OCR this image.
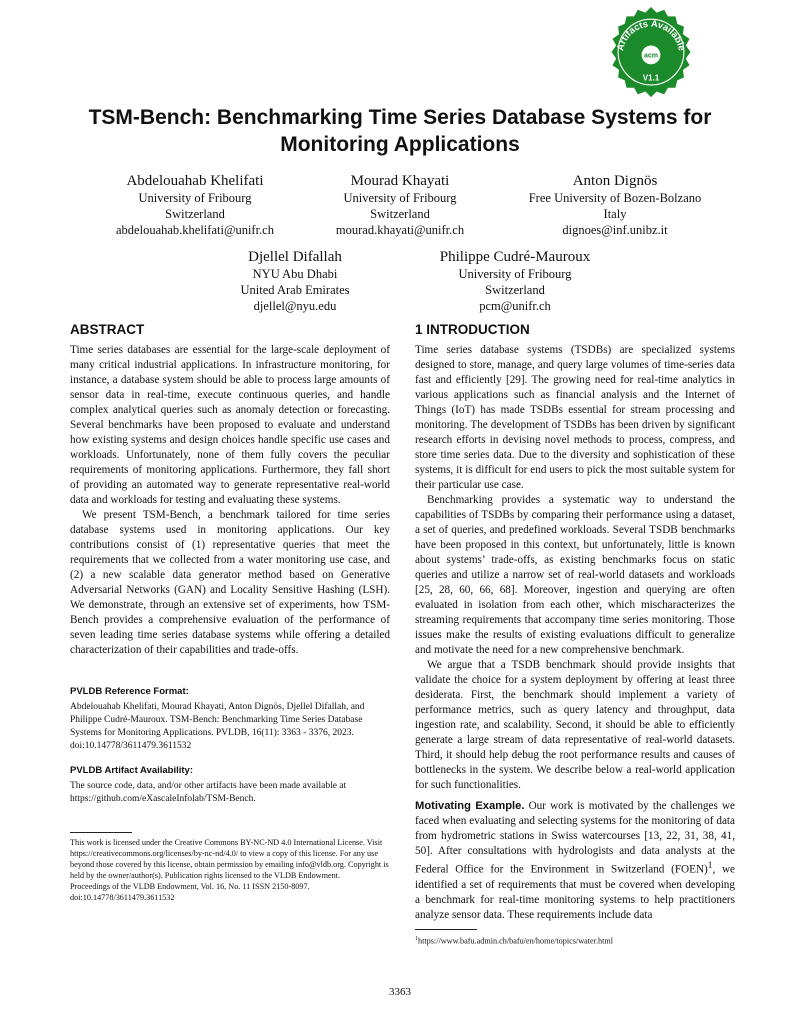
Artifacts Available
acm
V1.1
TSM-Bench: Benchmarking Time Series Database Systems for Monitoring Applications
Abdelouahab Khelifati
University of Fribourg
Switzerland
abdelouahab.khelifati@unifr.ch
Mourad Khayati
University of Fribourg
Switzerland
mourad.khayati@unifr.ch
Anton Dignös
Free University of Bozen-Bolzano
Italy
dignoes@inf.unibz.it
Djellel Difallah
NYU Abu Dhabi
United Arab Emirates
djellel@nyu.edu
Philippe Cudré-Mauroux
University of Fribourg
Switzerland
pcm@unifr.ch
ABSTRACT

Time series databases are essential for the large-scale deployment of many critical industrial applications. In infrastructure monitoring, for instance, a database system should be able to process large amounts of sensor data in real-time, execute continuous queries, and handle complex analytical queries such as anomaly detection or forecasting. Several benchmarks have been proposed to evaluate and understand how existing systems and design choices handle specific use cases and workloads. Unfortunately, none of them fully covers the peculiar requirements of monitoring applications. Furthermore, they fall short of providing an automated way to generate representative real-world data and workloads for testing and evaluating these systems.

We present TSM-Bench, a benchmark tailored for time series database systems used in monitoring applications. Our key contributions consist of (1) representative queries that meet the requirements that we collected from a water monitoring use case, and (2) a new scalable data generator method based on Generative Adversarial Networks (GAN) and Locality Sensitive Hashing (LSH). We demonstrate, through an extensive set of experiments, how TSM-Bench provides a comprehensive evaluation of the performance of seven leading time series database systems while offering a detailed characterization of their capabilities and trade-offs.

PVLDB Reference Format:

Abdelouahab Khelifati, Mourad Khayati, Anton Dignös, Djellel Difallah, and Philippe Cudré-Mauroux. TSM-Bench: Benchmarking Time Series Database Systems for Monitoring Applications. PVLDB, 16(11): 3363 - 3376, 2023.

doi:10.14778/3611479.3611532

PVLDB Artifact Availability:

The source code, data, and/or other artifacts have been made available at https://github.com/eXascaleInfolab/TSM-Bench.

This work is licensed under the Creative Commons BY-NC-ND 4.0 International License. Visit https://creativecommons.org/licenses/by-nc-nd/4.0/ to view a copy of this license. For any use beyond those covered by this license, obtain permission by emailing info@vldb.org. Copyright is held by the owner/author(s). Publication rights licensed to the VLDB Endowment.

Proceedings of the VLDB Endowment, Vol. 16, No. 11 ISSN 2150-8097.

doi:10.14778/3611479.3611532

1 INTRODUCTION

Time series database systems (TSDBs) are specialized systems designed to store, manage, and query large volumes of time-series data fast and efficiently [29]. The growing need for real-time analytics in various applications such as financial analysis and the Internet of Things (IoT) has made TSDBs essential for stream processing and monitoring. The development of TSDBs has been driven by significant research efforts in devising novel methods to process, compress, and store time series data. Due to the diversity and sophistication of these systems, it is difficult for end users to pick the most suitable system for their particular use case.

Benchmarking provides a systematic way to understand the capabilities of TSDBs by comparing their performance using a dataset, a set of queries, and predefined workloads. Several TSDB benchmarks have been proposed in this context, but unfortunately, little is known about systems’ trade-offs, as existing benchmarks focus on static queries and utilize a narrow set of real-world datasets and workloads [25, 28, 60, 66, 68]. Moreover, ingestion and querying are often evaluated in isolation from each other, which mischaracterizes the streaming requirements that accompany time series monitoring. Those issues make the results of existing evaluations difficult to generalize and motivate the need for a new comprehensive benchmark.

We argue that a TSDB benchmark should provide insights that validate the choice for a system deployment by offering at least three desiderata. First, the benchmark should implement a variety of performance metrics, such as query latency and throughput, data ingestion rate, and scalability. Second, it should be able to efficiently generate a large stream of data representative of real-world datasets. Third, it should help debug the root performance results and causes of bottlenecks in the system. We describe below a real-world application for such functionalities.

Motivating Example. Our work is motivated by the challenges we faced when evaluating and selecting systems for the monitoring of data from hydrometric stations in Swiss watercourses [13, 22, 31, 38, 41, 50]. After consultations with hydrologists and data analysts at the Federal Office for the Environment in Switzerland (FOEN)$^1$, we identified a set of requirements that must be covered when developing a benchmark for real-time monitoring systems to help practitioners analyze sensor data. These requirements include data

$^1$https://www.bafu.admin.ch/bafu/en/home/topics/water.html

3363
